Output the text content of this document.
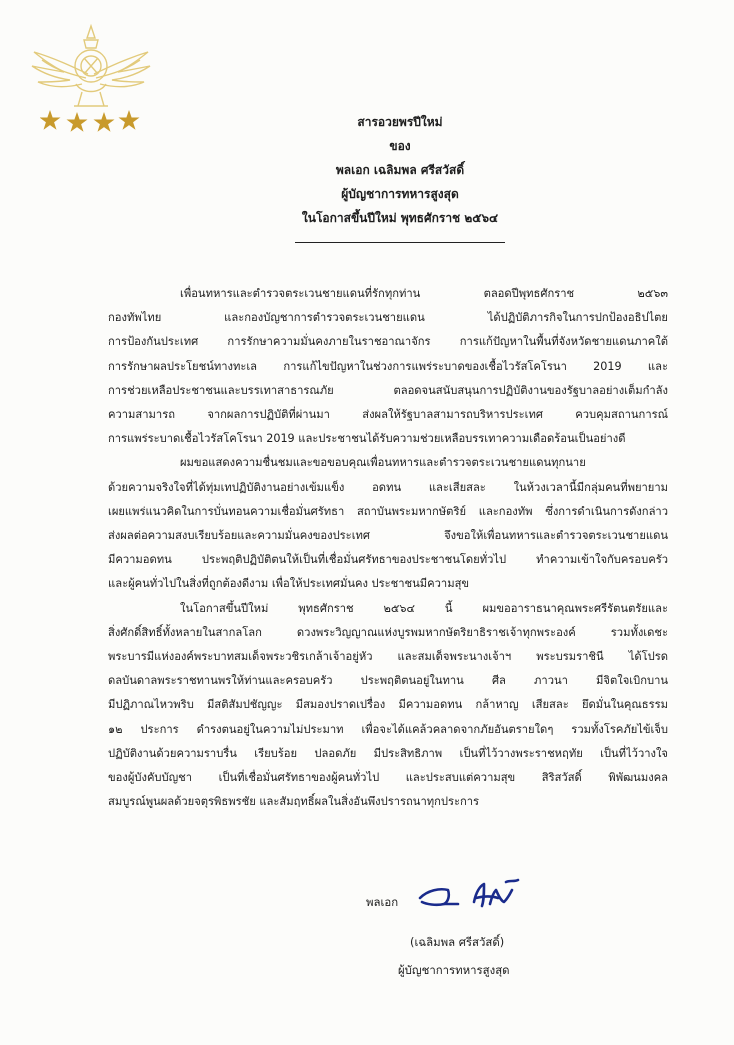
สารอวยพรปีใหม่
ของ
พลเอก เฉลิมพล ศรีสวัสดิ์
ผู้บัญชาการทหารสูงสุด
ในโอกาสขึ้นปีใหม่ พุทธศักราช ๒๕๖๔
เพื่อนทหารและตำรวจตระเวนชายแดนที่รักทุกท่าน ตลอดปีพุทธศักราช ๒๕๖๓
กองทัพไทย และกองบัญชาการตำรวจตระเวนชายแดน ได้ปฏิบัติภารกิจในการปกป้องอธิปไตย
การป้องกันประเทศ การรักษาความมั่นคงภายในราชอาณาจักร การแก้ปัญหาในพื้นที่จังหวัดชายแดนภาคใต้
การรักษาผลประโยชน์ทางทะเล การแก้ไขปัญหาในช่วงการแพร่ระบาดของเชื้อไวรัสโคโรนา 2019 และ
การช่วยเหลือประชาชนและบรรเทาสาธารณภัย ตลอดจนสนับสนุนการปฏิบัติงานของรัฐบาลอย่างเต็มกำลัง
ความสามารถ จากผลการปฏิบัติที่ผ่านมา ส่งผลให้รัฐบาลสามารถบริหารประเทศ ควบคุมสถานการณ์
การแพร่ระบาดเชื้อไวรัสโคโรนา 2019 และประชาชนได้รับความช่วยเหลือบรรเทาความเดือดร้อนเป็นอย่างดี
ผมขอแสดงความชื่นชมและขอขอบคุณเพื่อนทหารและตำรวจตระเวนชายแดนทุกนาย
ด้วยความจริงใจที่ได้ทุ่มเทปฏิบัติงานอย่างเข้มแข็ง อดทน และเสียสละ ในห้วงเวลานี้มีกลุ่มคนที่พยายาม
เผยแพร่แนวคิดในการบั่นทอนความเชื่อมั่นศรัทธา สถาบันพระมหากษัตริย์ และกองทัพ ซึ่งการดำเนินการดังกล่าว
ส่งผลต่อความสงบเรียบร้อยและความมั่นคงของประเทศ จึงขอให้เพื่อนทหารและตำรวจตระเวนชายแดน
มีความอดทน ประพฤติปฏิบัติตนให้เป็นที่เชื่อมั่นศรัทธาของประชาชนโดยทั่วไป ทำความเข้าใจกับครอบครัว
และผู้คนทั่วไปในสิ่งที่ถูกต้องดีงาม เพื่อให้ประเทศมั่นคง ประชาชนมีความสุข
ในโอกาสขึ้นปีใหม่ พุทธศักราช ๒๕๖๔ นี้ ผมขออาราธนาคุณพระศรีรัตนตรัยและ
สิ่งศักดิ์สิทธิ์ทั้งหลายในสากลโลก ดวงพระวิญญาณแห่งบูรพมหากษัตริยาธิราชเจ้าทุกพระองค์ รวมทั้งเดชะ
พระบารมีแห่งองค์พระบาทสมเด็จพระวชิรเกล้าเจ้าอยู่หัว และสมเด็จพระนางเจ้าฯ พระบรมราชินี ได้โปรด
ดลบันดาลพระราชทานพรให้ท่านและครอบครัว ประพฤติตนอยู่ในทาน ศีล ภาวนา มีจิตใจเบิกบาน
มีปฏิภาณไหวพริบ มีสติสัมปชัญญะ มีสมองปราดเปรื่อง มีความอดทน กล้าหาญ เสียสละ ยึดมั่นในคุณธรรม
๑๒ ประการ ดำรงตนอยู่ในความไม่ประมาท เพื่อจะได้แคล้วคลาดจากภัยอันตรายใดๆ รวมทั้งโรคภัยไข้เจ็บ
ปฏิบัติงานด้วยความราบรื่น เรียบร้อย ปลอดภัย มีประสิทธิภาพ เป็นที่ไว้วางพระราชหฤทัย เป็นที่ไว้วางใจ
ของผู้บังคับบัญชา เป็นที่เชื่อมั่นศรัทธาของผู้คนทั่วไป และประสบแต่ความสุข สิริสวัสดิ์ พิพัฒนมงคล
สมบูรณ์พูนผลด้วยจตุรพิธพรชัย และสัมฤทธิ์ผลในสิ่งอันพึงปรารถนาทุกประการ
พลเอก
(เฉลิมพล ศรีสวัสดิ์)
ผู้บัญชาการทหารสูงสุด
